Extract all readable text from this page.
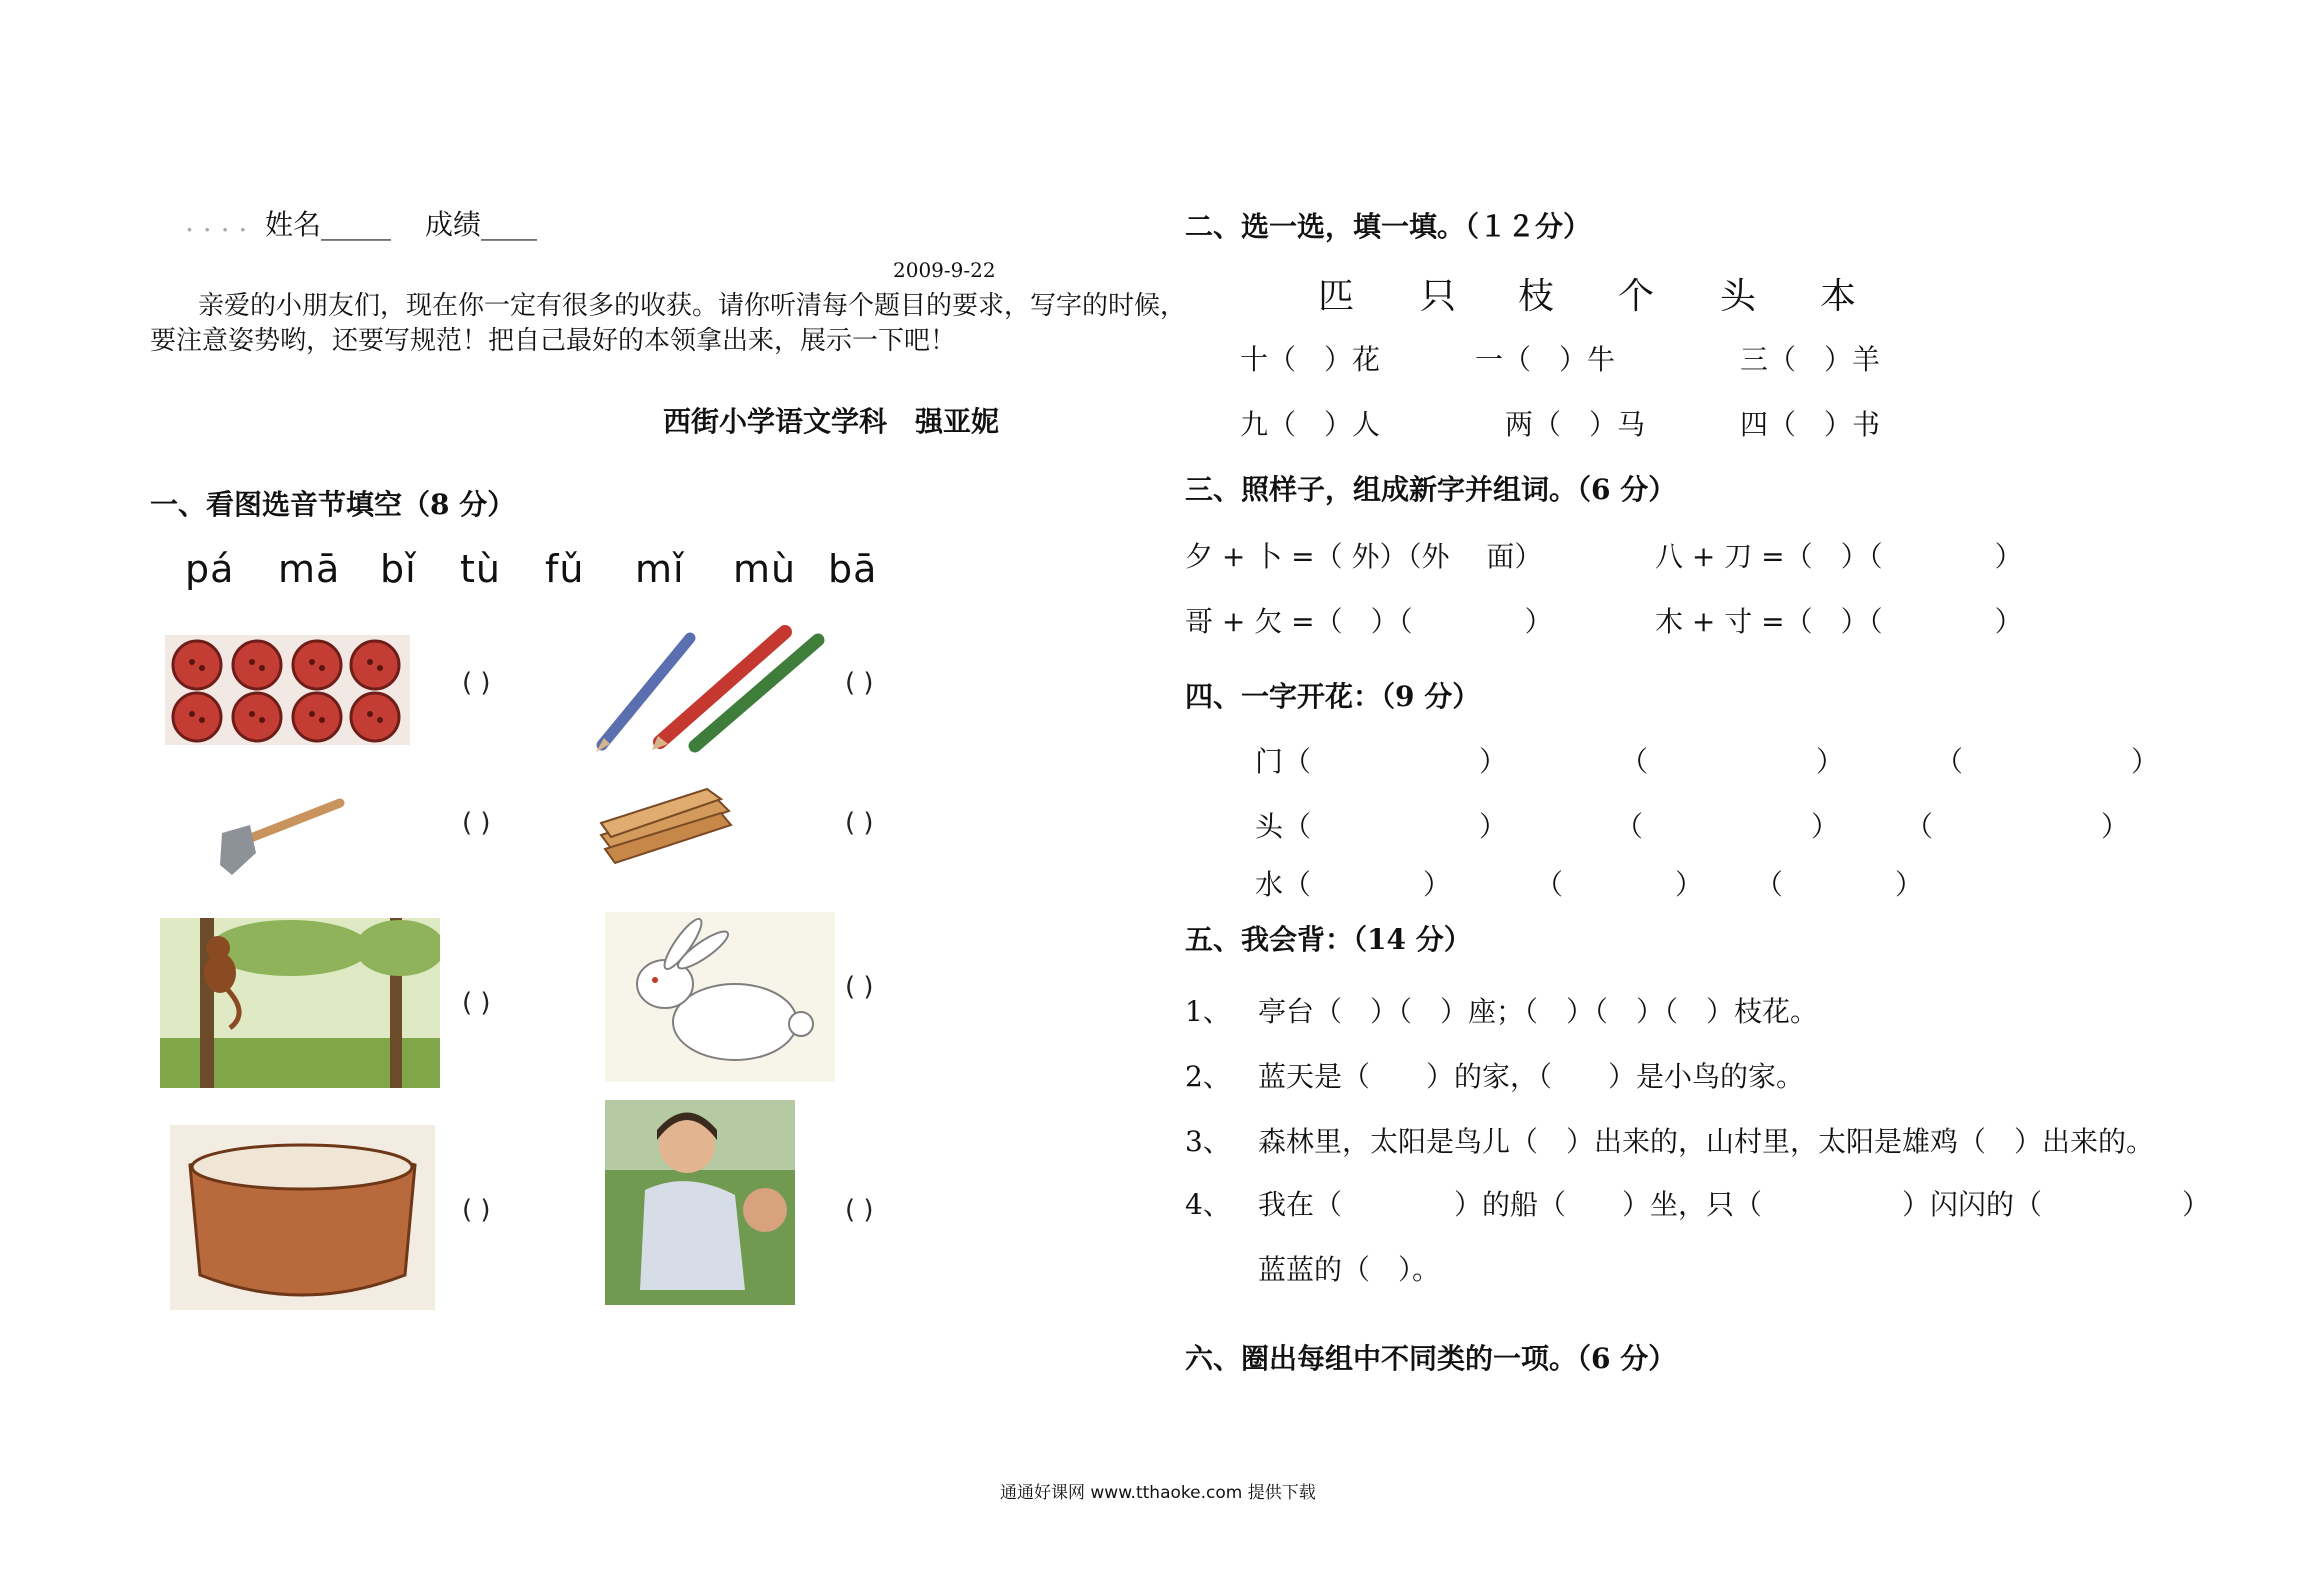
. . . . 姓名_____ 成绩____
2009-9-22
亲爱的小朋友们，现在你一定有很多的收获。请你听清每个题目的要求，写字的时候，
要注意姿势哟，还要写规范！把自己最好的本领拿出来，展示一下吧！
西街小学语文学科　强亚妮
一、看图选音节填空（8 分）
pá mā bǐ tù fǔ mǐ mù bā
( )	( )
( )	( )
( )
( )
( )	( )
二、选一选，填一填。（１２分）
匹 只 枝 个 头 本
十（　）花	一（　）牛	三（　）羊
九（　）人	两（　）马	四（　）书
三、照样子，组成新字并组词。（6 分）
夕 + 卜 =（ 外）（外 　面）	八 + 刀 =（　）（　　　　）
哥 + 欠 =（　）（　　　　）	木 + 寸 =（　）（　　　　）
四、一字开花：（9 分）
门（　　　　　　）	（　　　　　　）	（　　　　　　）
头（　　　　　　）	（　　　　　　） （　　　　　　）
水（　　　　）	（　　　　） （　　　　）
五、我会背：（14 分）
1、 亭台（　）（　）座；（　）（　）（　）枝花。
2、 蓝天是（　　）的家，（　　）是小鸟的家。
3、 森林里，太阳是鸟儿（　）出来的，山村里，太阳是雄鸡（　）出来的。
4、 我在（　　　　）的船（　　）坐，只（　　　　　）闪闪的（　　　　　）
蓝蓝的（　）。
六、圈出每组中不同类的一项。（6 分）
通通好课网 www.tthaoke.com 提供下载
